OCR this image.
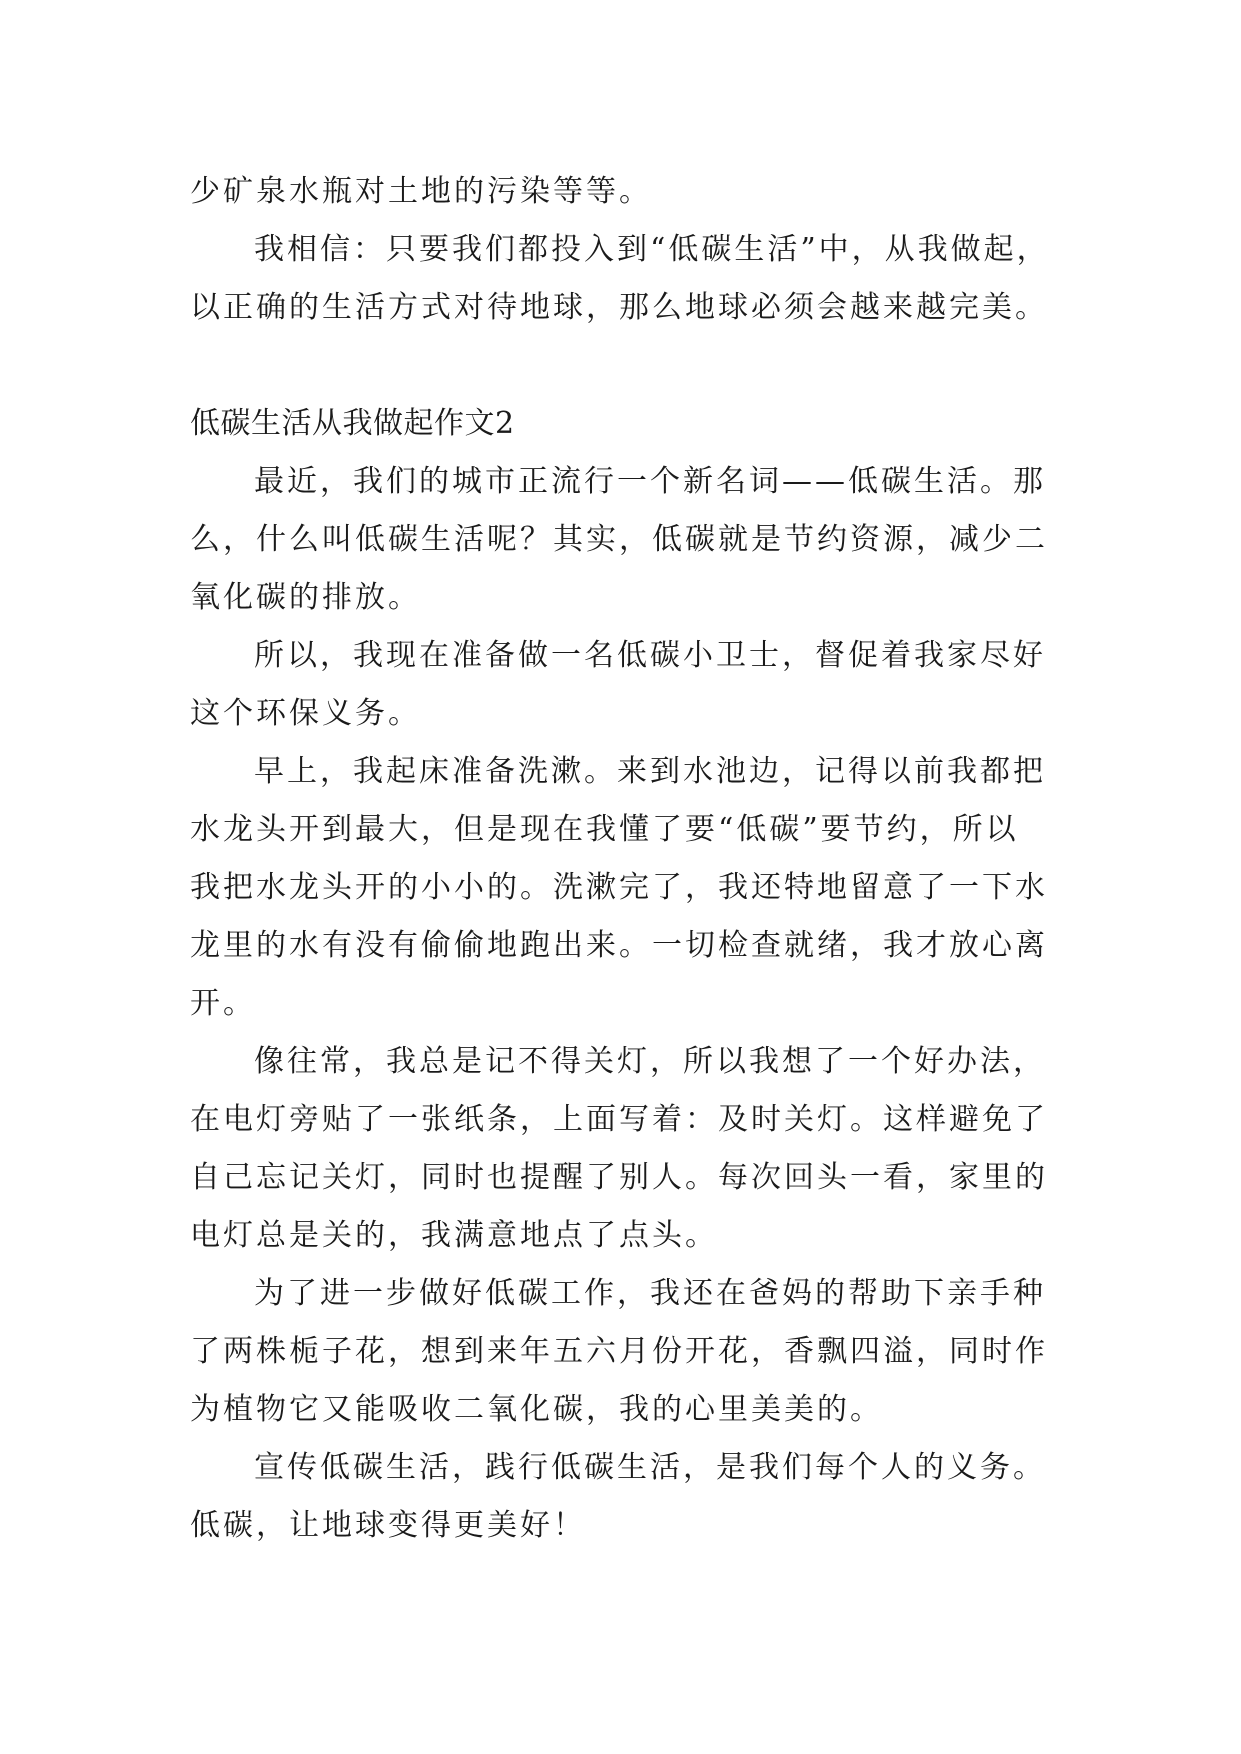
少矿泉水瓶对土地的污染等等。
我相信：只要我们都投入到“低碳生活”中，从我做起，
以正确的生活方式对待地球，那么地球必须会越来越完美。
低碳生活从我做起作文2
最近，我们的城市正流行一个新名词——低碳生活。那
么，什么叫低碳生活呢？其实，低碳就是节约资源，减少二
氧化碳的排放。
所以，我现在准备做一名低碳小卫士，督促着我家尽好
这个环保义务。
早上，我起床准备洗漱。来到水池边，记得以前我都把
水龙头开到最大，但是现在我懂了要“低碳”要节约，所以
我把水龙头开的小小的。洗漱完了，我还特地留意了一下水
龙里的水有没有偷偷地跑出来。一切检查就绪，我才放心离
开。
像往常，我总是记不得关灯，所以我想了一个好办法，
在电灯旁贴了一张纸条，上面写着：及时关灯。这样避免了
自己忘记关灯，同时也提醒了别人。每次回头一看，家里的
电灯总是关的，我满意地点了点头。
为了进一步做好低碳工作，我还在爸妈的帮助下亲手种
了两株栀子花，想到来年五六月份开花，香飘四溢，同时作
为植物它又能吸收二氧化碳，我的心里美美的。
宣传低碳生活，践行低碳生活，是我们每个人的义务。
低碳，让地球变得更美好！
